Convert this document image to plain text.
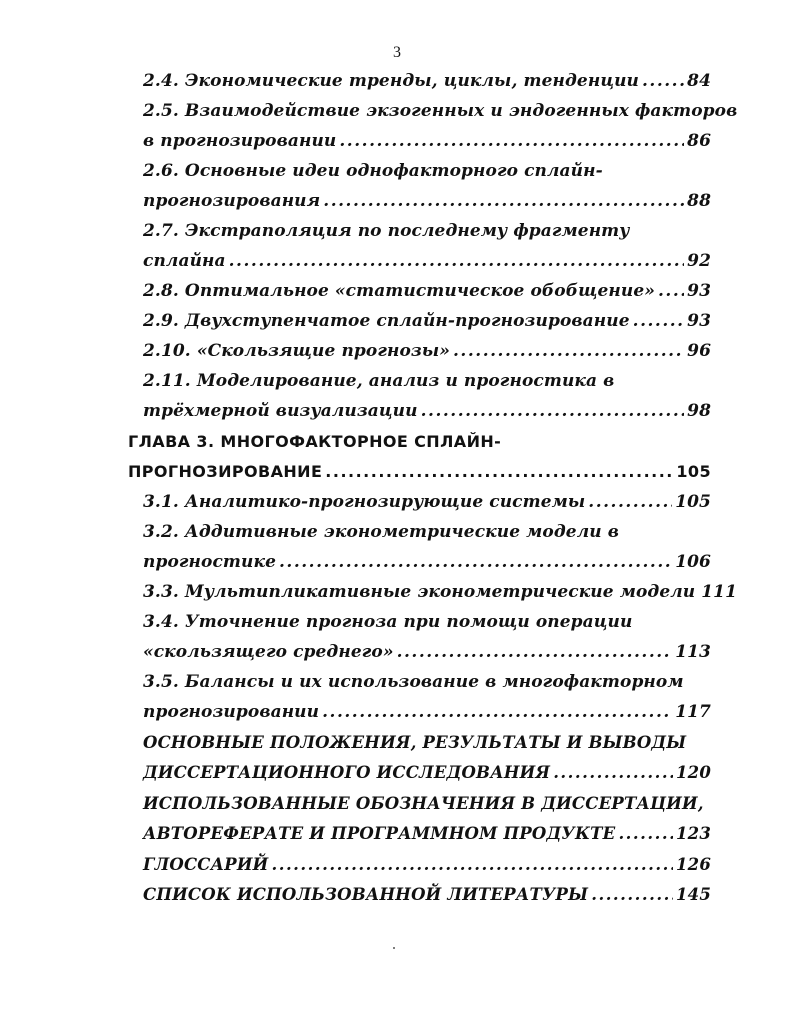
3
2.4. Экономические тренды, циклы, тенденции .....	84
2.5. Взаимодействие экзогенных и эндогенных факторов
в прогнозировании .....	86
2.6. Основные идеи однофакторного сплайн-
прогнозирования .....	88
2.7. Экстраполяция по последнему фрагменту
сплайна .....	92
2.8. Оптимальное «статистическое обобщение» ..... 93
2.9. Двухступенчатое сплайн-прогнозирование .....	93
2.10. «Скользящие прогнозы» .....	96
2.11. Моделирование, анализ и прогностика в
трёхмерной визуализации .....	98
ГЛАВА 3. МНОГОФАКТОРНОЕ СПЛАЙН-
ПРОГНОЗИРОВАНИЕ .....	105
3.1. Аналитико-прогнозирующие системы .....	105
3.2. Аддитивные эконометрические модели в
прогностике .....	106
3.3. Мультипликативные эконометрические модели 111
3.4. Уточнение прогноза при помощи операции
«скользящего среднего» .....	113
3.5. Балансы и их использование в многофакторном
прогнозировании .....	117
ОСНОВНЫЕ ПОЛОЖЕНИЯ, РЕЗУЛЬТАТЫ И ВЫВОДЫ
ДИССЕРТАЦИОННОГО ИССЛЕДОВАНИЯ .....	120
ИСПОЛЬЗОВАННЫЕ ОБОЗНАЧЕНИЯ В ДИССЕРТАЦИИ,
АВТОРЕФЕРАТЕ И ПРОГРАММНОМ ПРОДУКТЕ .....	123
ГЛОССАРИЙ .....	126
СПИСОК ИСПОЛЬЗОВАННОЙ ЛИТЕРАТУРЫ .....	145
